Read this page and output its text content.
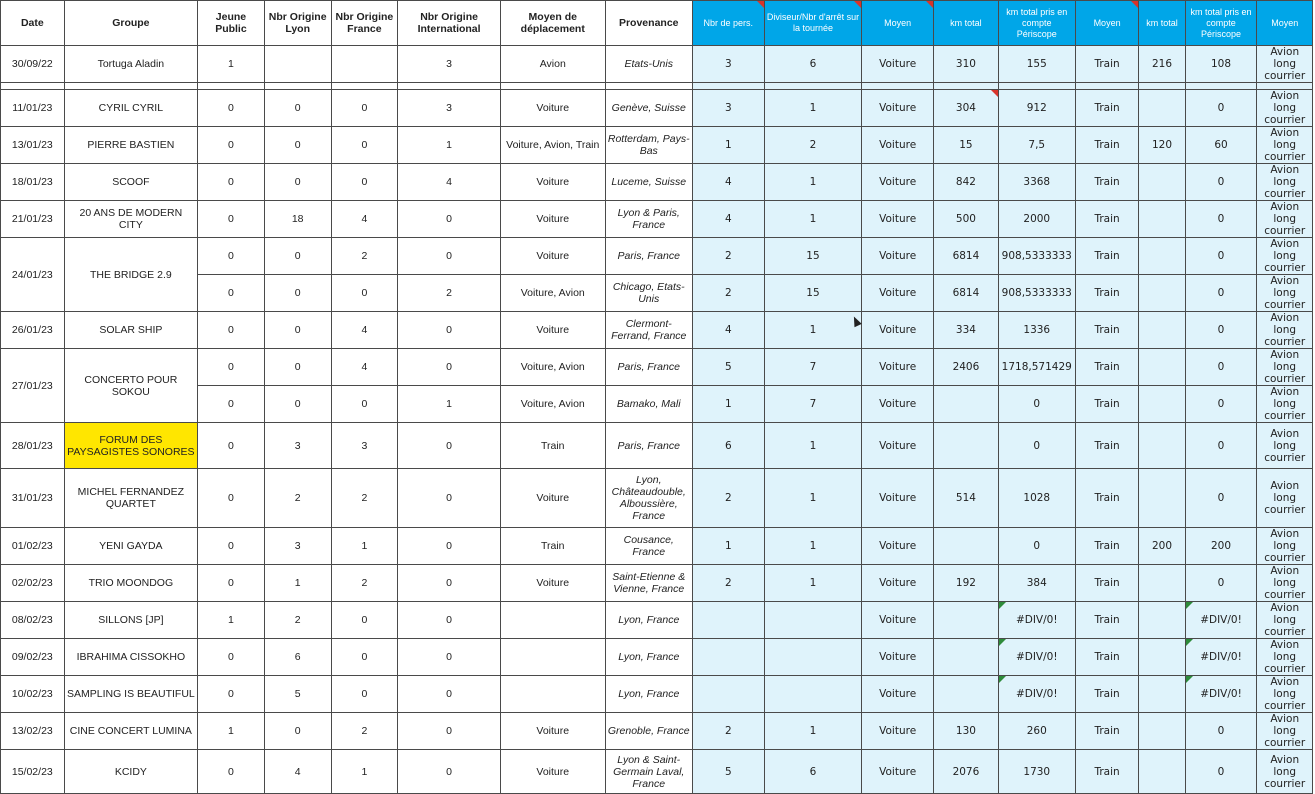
Date	Groupe	Jeune Public	Nbr Origine Lyon	Nbr Origine France	Nbr Origine International	Moyen de déplacement	Provenance	Nbr de pers.	Diviseur/Nbr d'arrêt sur la tournée	Moyen	km total	km total pris en compte Périscope	Moyen	km total	km total pris en compte Périscope	Moyen
30/09/22	Tortuga Aladin	1			3	Avion	Etats-Unis	3	6	Voiture	310	155	Train	216	108	Avion long courrier

11/01/23	CYRIL CYRIL	0	0	0	3	Voiture	Genève, Suisse	3	1	Voiture	304	912	Train		0	Avion long courrier
13/01/23	PIERRE BASTIEN	0	0	0	1	Voiture, Avion, Train	Rotterdam, Pays-Bas	1	2	Voiture	15	7,5	Train	120	60	Avion long courrier
18/01/23	SCOOF	0	0	0	4	Voiture	Luceme, Suisse	4	1	Voiture	842	3368	Train		0	Avion long courrier
21/01/23	20 ANS DE MODERN CITY	0	18	4	0	Voiture	Lyon & Paris, France	4	1	Voiture	500	2000	Train		0	Avion long courrier
24/01/23	THE BRIDGE 2.9	0	0	2	0	Voiture	Paris, France	2	15	Voiture	6814	908,5333333	Train		0	Avion long courrier
		0	0	0	2	Voiture, Avion	Chicago, Etats-Unis	2	15	Voiture	6814	908,5333333	Train		0	Avion long courrier
26/01/23	SOLAR SHIP	0	0	4	0	Voiture	Clermont-Ferrand, France	4	1	Voiture	334	1336	Train		0	Avion long courrier
27/01/23	CONCERTO POUR SOKOU	0	0	4	0	Voiture, Avion	Paris, France	5	7	Voiture	2406	1718,571429	Train		0	Avion long courrier
		0	0	0	1	Voiture, Avion	Bamako, Mali	1	7	Voiture		0	Train		0	Avion long courrier
28/01/23	FORUM DES PAYSAGISTES SONORES	0	3	3	0	Train	Paris, France	6	1	Voiture		0	Train		0	Avion long courrier
31/01/23	MICHEL FERNANDEZ QUARTET	0	2	2	0	Voiture	Lyon, Châteaudouble, Alboussière, France	2	1	Voiture	514	1028	Train		0	Avion long courrier
01/02/23	YENI GAYDA	0	3	1	0	Train	Cousance, France	1	1	Voiture		0	Train	200	200	Avion long courrier
02/02/23	TRIO MOONDOG	0	1	2	0	Voiture	Saint-Etienne & Vienne, France	2	1	Voiture	192	384	Train		0	Avion long courrier
08/02/23	SILLONS [JP]	1	2	0	0		Lyon, France			Voiture		#DIV/0!	Train		#DIV/0!	Avion long courrier
09/02/23	IBRAHIMA CISSOKHO	0	6	0	0		Lyon, France			Voiture		#DIV/0!	Train		#DIV/0!	Avion long courrier
10/02/23	SAMPLING IS BEAUTIFUL	0	5	0	0		Lyon, France			Voiture		#DIV/0!	Train		#DIV/0!	Avion long courrier
13/02/23	CINE CONCERT LUMINA	1	0	2	0	Voiture	Grenoble, France	2	1	Voiture	130	260	Train		0	Avion long courrier
15/02/23	KCIDY	0	4	1	0	Voiture	Lyon & Saint-Germain Laval, France	5	6	Voiture	2076	1730	Train		0	Avion long courrier
